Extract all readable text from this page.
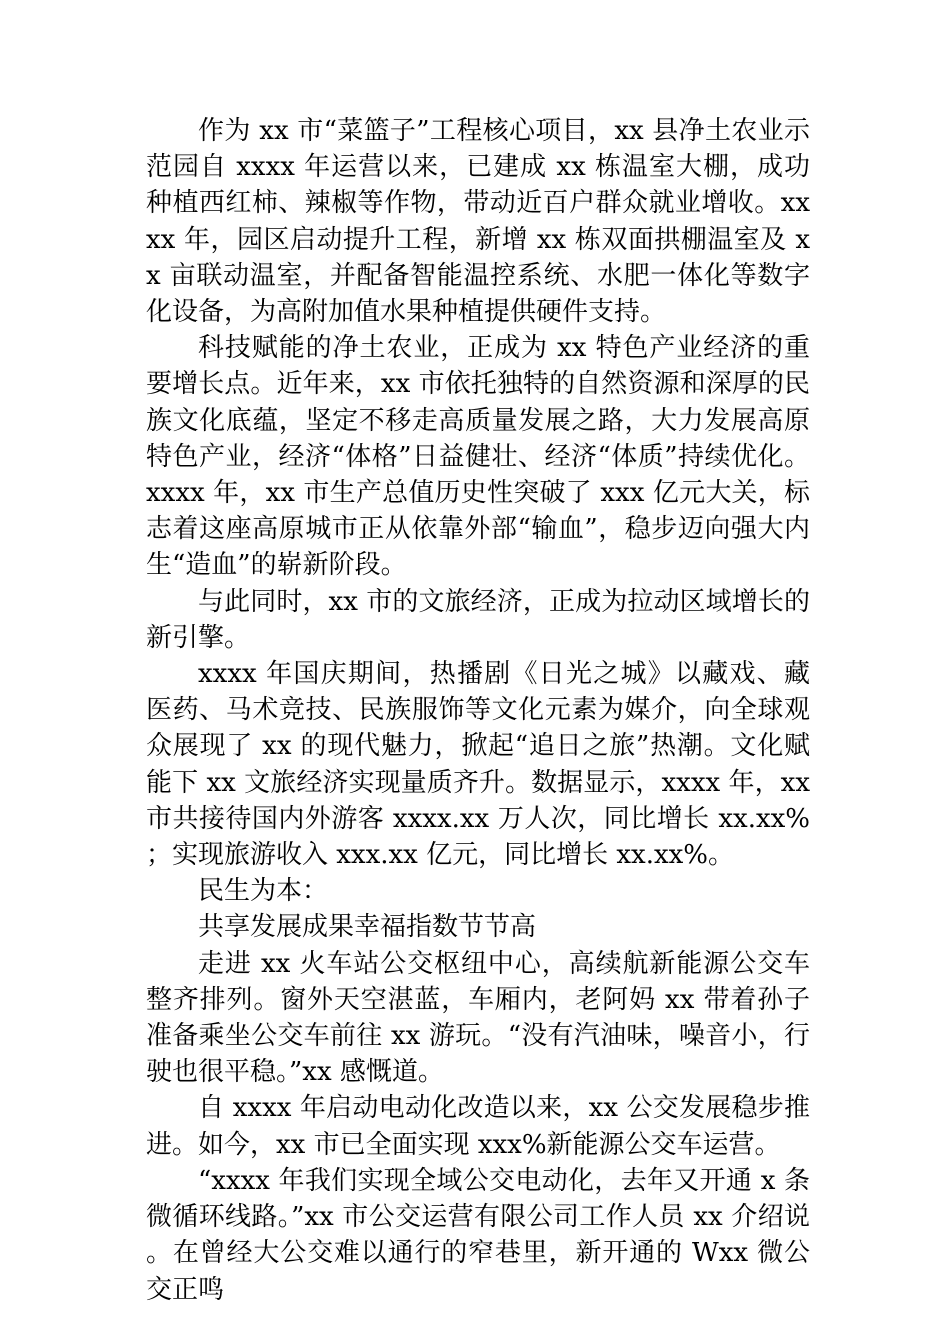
作为 xx 市“菜篮子”工程核心项目，xx 县净土农业示范园自 xxxx 年运营以来，已建成 xx 栋温室大棚，成功种植西红柿、辣椒等作物，带动近百户群众就业增收。xxxx 年，园区启动提升工程，新增 xx 栋双面拱棚温室及 xx 亩联动温室，并配备智能温控系统、水肥一体化等数字化设备，为高附加值水果种植提供硬件支持。

科技赋能的净土农业，正成为 xx 特色产业经济的重要增长点。近年来，xx 市依托独特的自然资源和深厚的民族文化底蕴，坚定不移走高质量发展之路，大力发展高原特色产业，经济“体格”日益健壮、经济“体质”持续优化。xxxx 年，xx 市生产总值历史性突破了 xxx 亿元大关，标志着这座高原城市正从依靠外部“输血”，稳步迈向强大内生“造血”的崭新阶段。

与此同时，xx 市的文旅经济，正成为拉动区域增长的新引擎。

xxxx 年国庆期间，热播剧《日光之城》以藏戏、藏医药、马术竞技、民族服饰等文化元素为媒介，向全球观众展现了 xx 的现代魅力，掀起“追日之旅”热潮。文化赋能下 xx 文旅经济实现量质齐升。数据显示，xxxx 年，xx 市共接待国内外游客 xxxx.xx 万人次，同比增长 xx.xx%；实现旅游收入 xxx.xx 亿元，同比增长 xx.xx%。

民生为本：

共享发展成果幸福指数节节高

走进 xx 火车站公交枢纽中心，高续航新能源公交车整齐排列。窗外天空湛蓝，车厢内，老阿妈 xx 带着孙子准备乘坐公交车前往 xx 游玩。“没有汽油味，噪音小，行驶也很平稳。”xx 感慨道。

自 xxxx 年启动电动化改造以来，xx 公交发展稳步推进。如今，xx 市已全面实现 xxx%新能源公交车运营。

“xxxx 年我们实现全域公交电动化，去年又开通 x 条微循环线路。”xx 市公交运营有限公司工作人员 xx 介绍说。在曾经大公交难以通行的窄巷里，新开通的 Wxx 微公交正鸣
